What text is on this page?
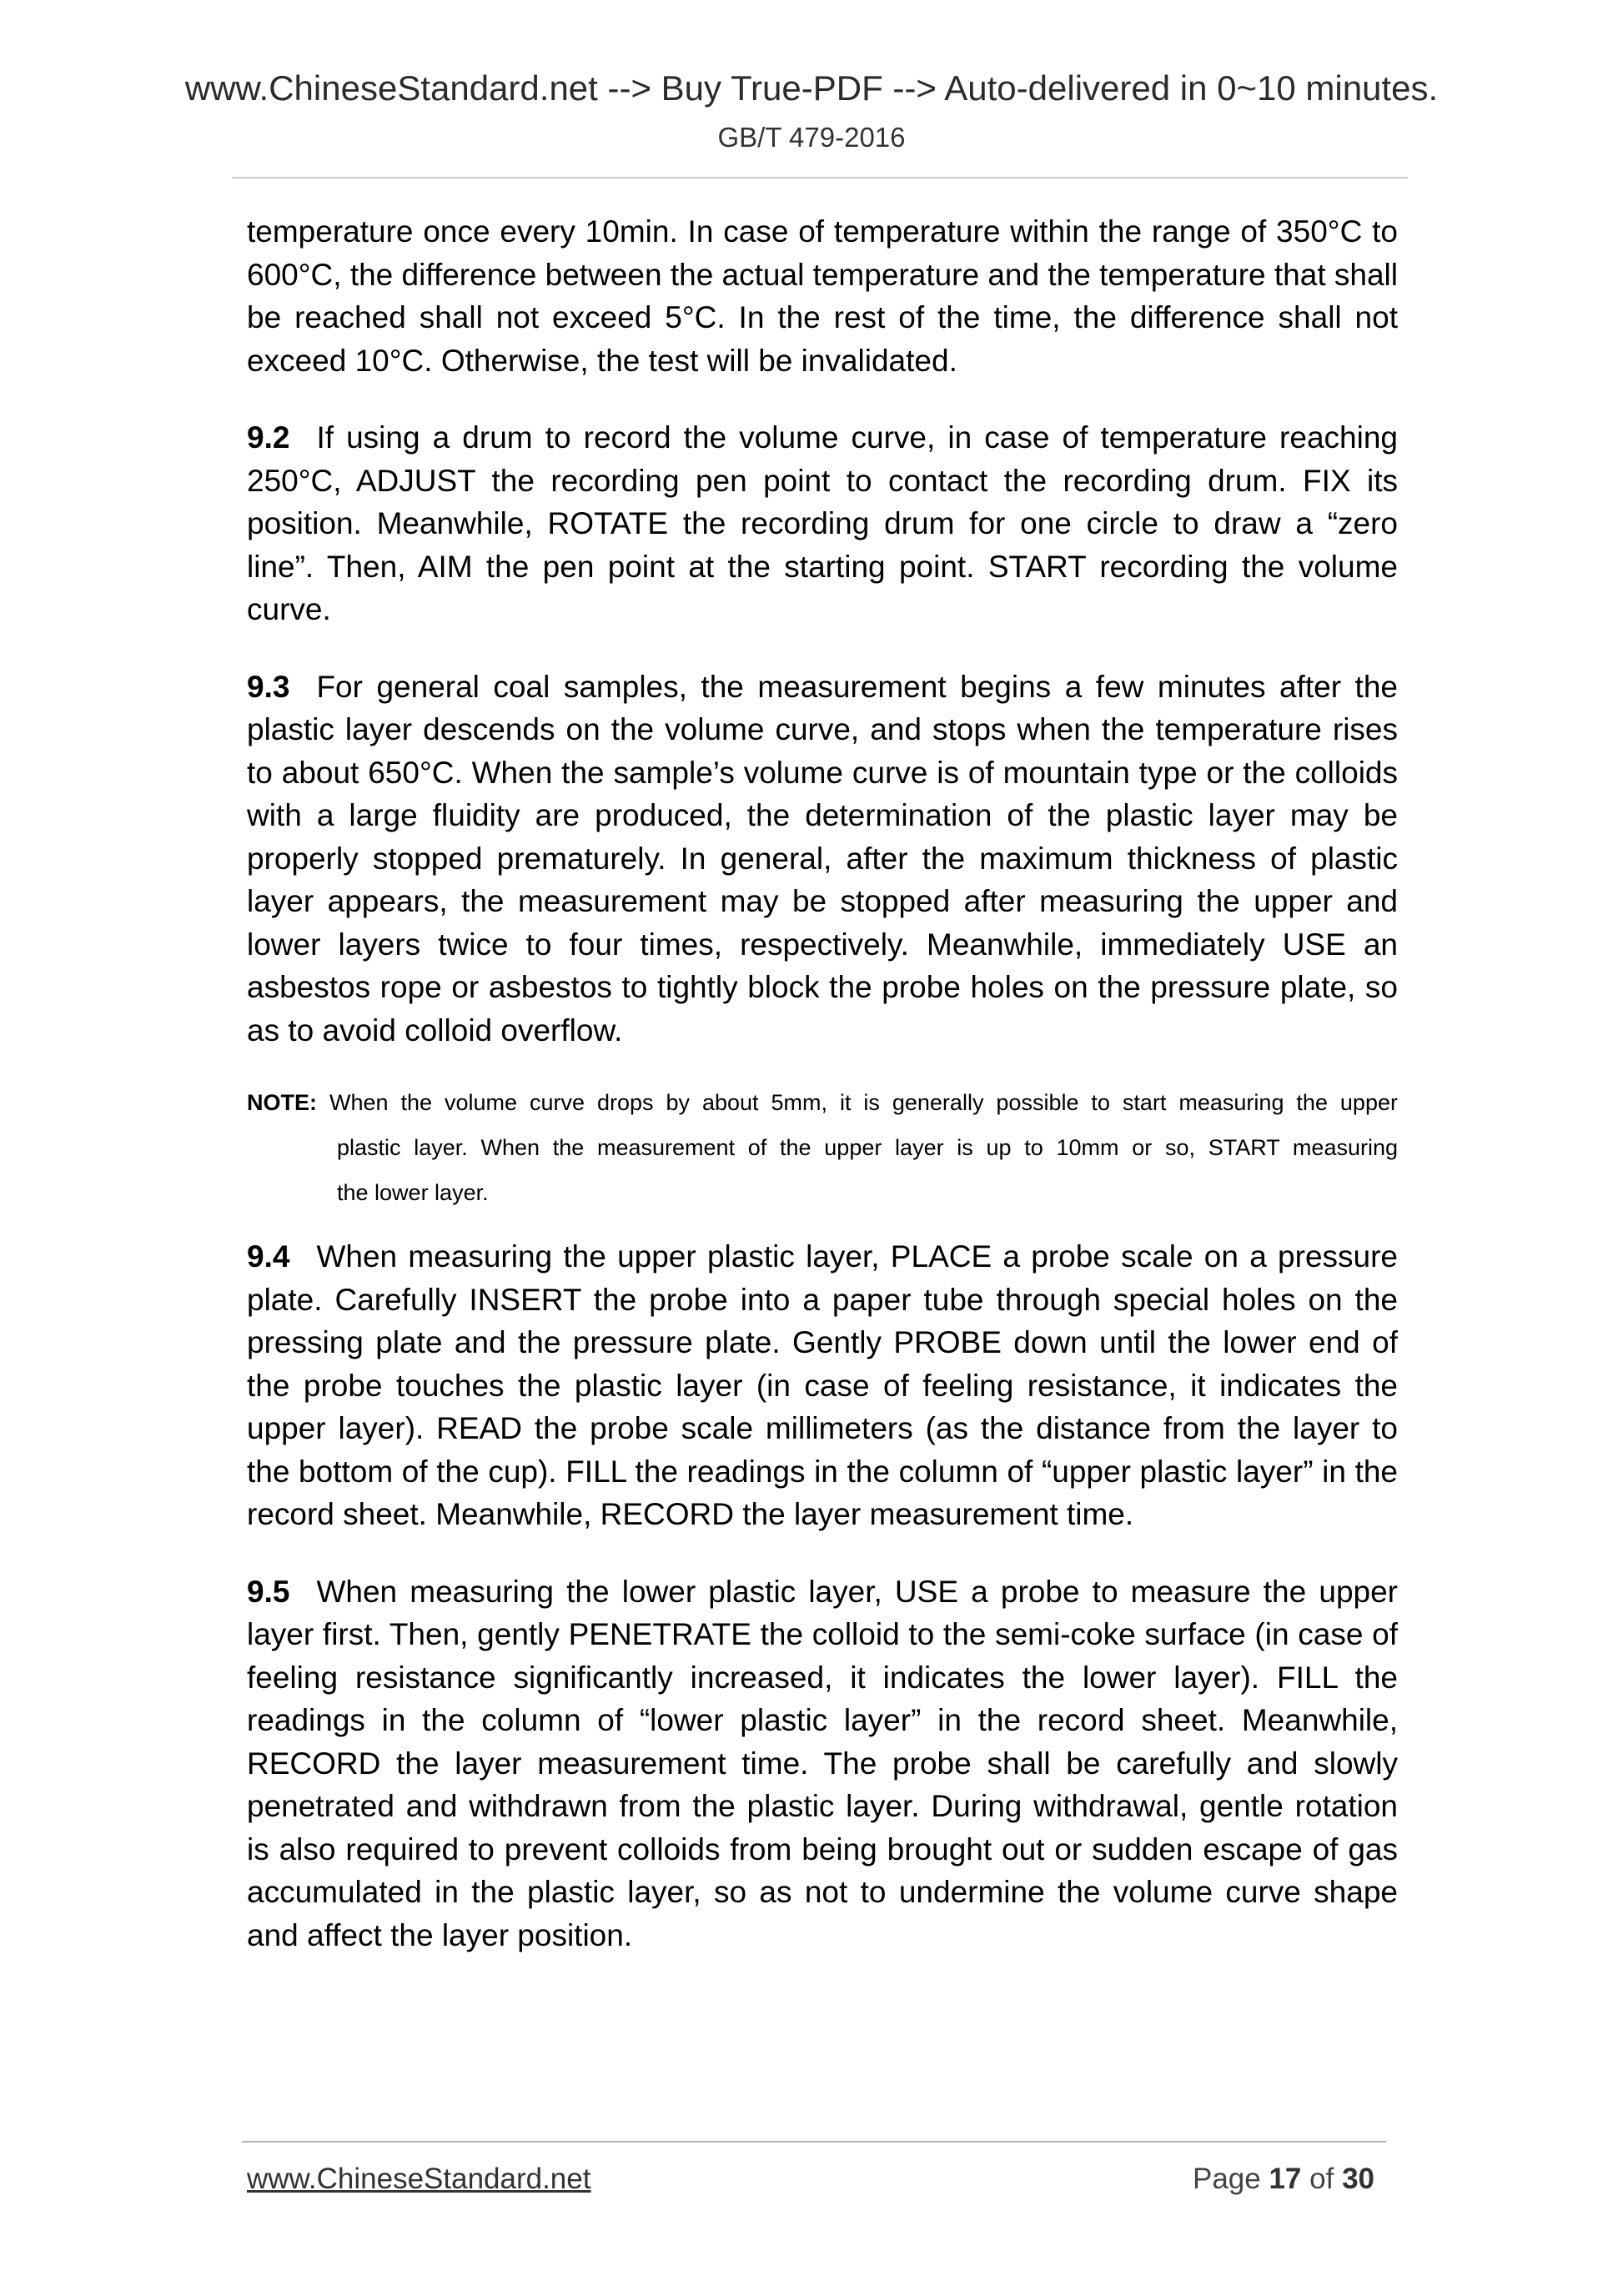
www.ChineseStandard.net --> Buy True-PDF --> Auto-delivered in 0~10 minutes.
GB/T 479-2016

temperature once every 10min. In case of temperature within the range of 350°C to 600°C, the difference between the actual temperature and the temperature that shall be reached shall not exceed 5°C. In the rest of the time, the difference shall not exceed 10°C. Otherwise, the test will be invalidated.

9.2 If using a drum to record the volume curve, in case of temperature reaching 250°C, ADJUST the recording pen point to contact the recording drum. FIX its position. Meanwhile, ROTATE the recording drum for one circle to draw a “zero line”. Then, AIM the pen point at the starting point. START recording the volume curve.

9.3 For general coal samples, the measurement begins a few minutes after the plastic layer descends on the volume curve, and stops when the temperature rises to about 650°C. When the sample’s volume curve is of mountain type or the colloids with a large fluidity are produced, the determination of the plastic layer may be properly stopped prematurely. In general, after the maximum thickness of plastic layer appears, the measurement may be stopped after measuring the upper and lower layers twice to four times, respectively. Meanwhile, immediately USE an asbestos rope or asbestos to tightly block the probe holes on the pressure plate, so as to avoid colloid overflow.

NOTE: When the volume curve drops by about 5mm, it is generally possible to start measuring the upper
plastic layer. When the measurement of the upper layer is up to 10mm or so, START measuring
the lower layer.

9.4 When measuring the upper plastic layer, PLACE a probe scale on a pressure plate. Carefully INSERT the probe into a paper tube through special holes on the pressing plate and the pressure plate. Gently PROBE down until the lower end of the probe touches the plastic layer (in case of feeling resistance, it indicates the upper layer). READ the probe scale millimeters (as the distance from the layer to the bottom of the cup). FILL the readings in the column of “upper plastic layer” in the record sheet. Meanwhile, RECORD the layer measurement time.

9.5 When measuring the lower plastic layer, USE a probe to measure the upper layer first. Then, gently PENETRATE the colloid to the semi-coke surface (in case of feeling resistance significantly increased, it indicates the lower layer). FILL the readings in the column of “lower plastic layer” in the record sheet. Meanwhile, RECORD the layer measurement time. The probe shall be carefully and slowly penetrated and withdrawn from the plastic layer. During withdrawal, gentle rotation is also required to prevent colloids from being brought out or sudden escape of gas accumulated in the plastic layer, so as not to undermine the volume curve shape and affect the layer position.

www.ChineseStandard.net	Page 17 of 30
